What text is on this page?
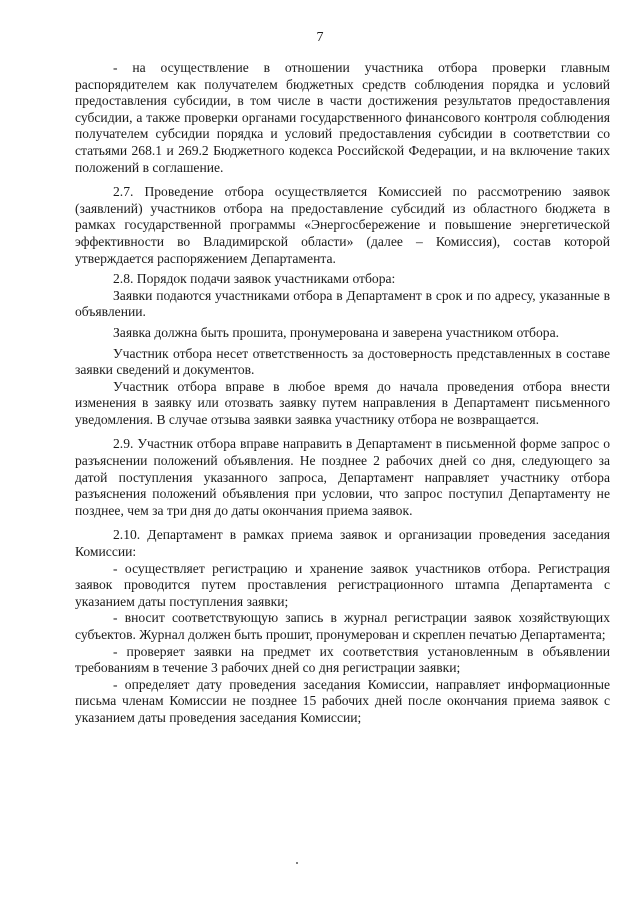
7

- на осуществление в отношении участника отбора проверки главным распорядителем как получателем бюджетных средств соблюдения порядка и условий предоставления субсидии, в том числе в части достижения результатов предоставления субсидии, а также проверки органами государственного финансового контроля соблюдения получателем субсидии порядка и условий предоставления субсидии в соответствии со статьями 268.1 и 269.2 Бюджетного кодекса Российской Федерации, и на включение таких положений в соглашение.

2.7. Проведение отбора осуществляется Комиссией по рассмотрению заявок (заявлений) участников отбора на предоставление субсидий из областного бюджета в рамках государственной программы «Энергосбережение и повышение энергетической эффективности во Владимирской области» (далее – Комиссия), состав которой утверждается распоряжением Департамента.

2.8. Порядок подачи заявок участниками отбора:

Заявки подаются участниками отбора в Департамент в срок и по адресу, указанные в объявлении.

Заявка должна быть прошита, пронумерована и заверена участником отбора.

Участник отбора несет ответственность за достоверность представленных в составе заявки сведений и документов.

Участник отбора вправе в любое время до начала проведения отбора внести изменения в заявку или отозвать заявку путем направления в Департамент письменного уведомления. В случае отзыва заявки заявка участнику отбора не возвращается.

2.9. Участник отбора вправе направить в Департамент в письменной форме запрос о разъяснении положений объявления. Не позднее 2 рабочих дней со дня, следующего за датой поступления указанного запроса, Департамент направляет участнику отбора разъяснения положений объявления при условии, что запрос поступил Департаменту не позднее, чем за три дня до даты окончания приема заявок.

2.10. Департамент в рамках приема заявок и организации проведения заседания Комиссии:

- осуществляет регистрацию и хранение заявок участников отбора. Регистрация заявок проводится путем проставления регистрационного штампа Департамента с указанием даты поступления заявки;

- вносит соответствующую запись в журнал регистрации заявок хозяйствующих субъектов. Журнал должен быть прошит, пронумерован и скреплен печатью Департамента;

- проверяет заявки на предмет их соответствия установленным в объявлении требованиям в течение 3 рабочих дней со дня регистрации заявки;

- определяет дату проведения заседания Комиссии, направляет информационные письма членам Комиссии не позднее 15 рабочих дней после окончания приема заявок с указанием даты проведения заседания Комиссии;
